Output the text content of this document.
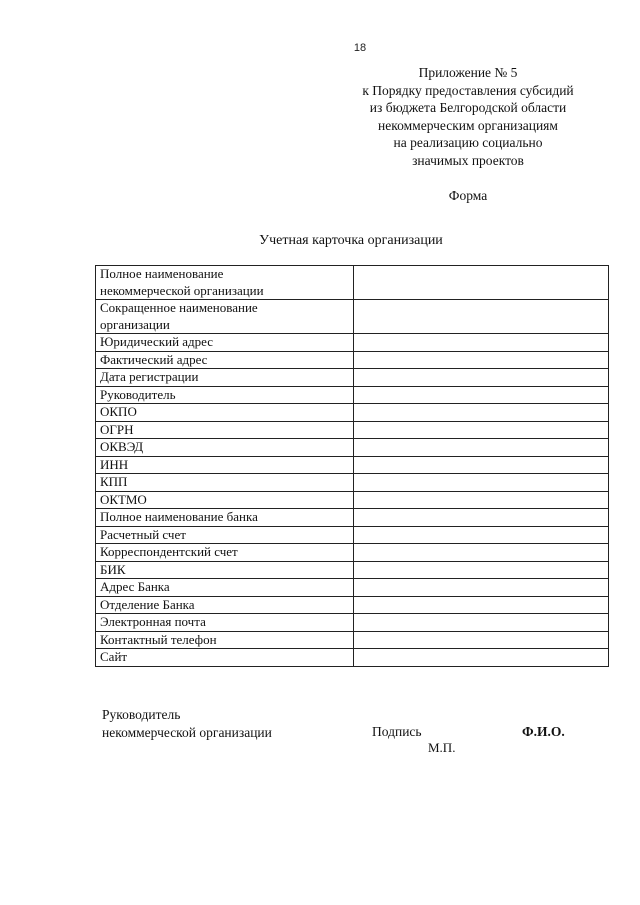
18
Приложение № 5
к Порядку предоставления субсидий
из бюджета Белгородской области
некоммерческим организациям
на реализацию социально
значимых проектов
Форма
Учетная карточка организации
Полное наименование
некоммерческой организации	

Сокращенное наименование
организации	

Юридический адрес	

Фактический адрес	

Дата регистрации	

Руководитель	

ОКПО	

ОГРН	

ОКВЭД	

ИНН	

КПП	

ОКТМО	

Полное наименование банка	

Расчетный счет	

Корреспондентский счет	

БИК	

Адрес Банка	

Отделение Банка	

Электронная почта	

Контактный телефон	

Сайт	

Руководитель
некоммерческой организации	Подпись	Ф.И.О.
М.П.
